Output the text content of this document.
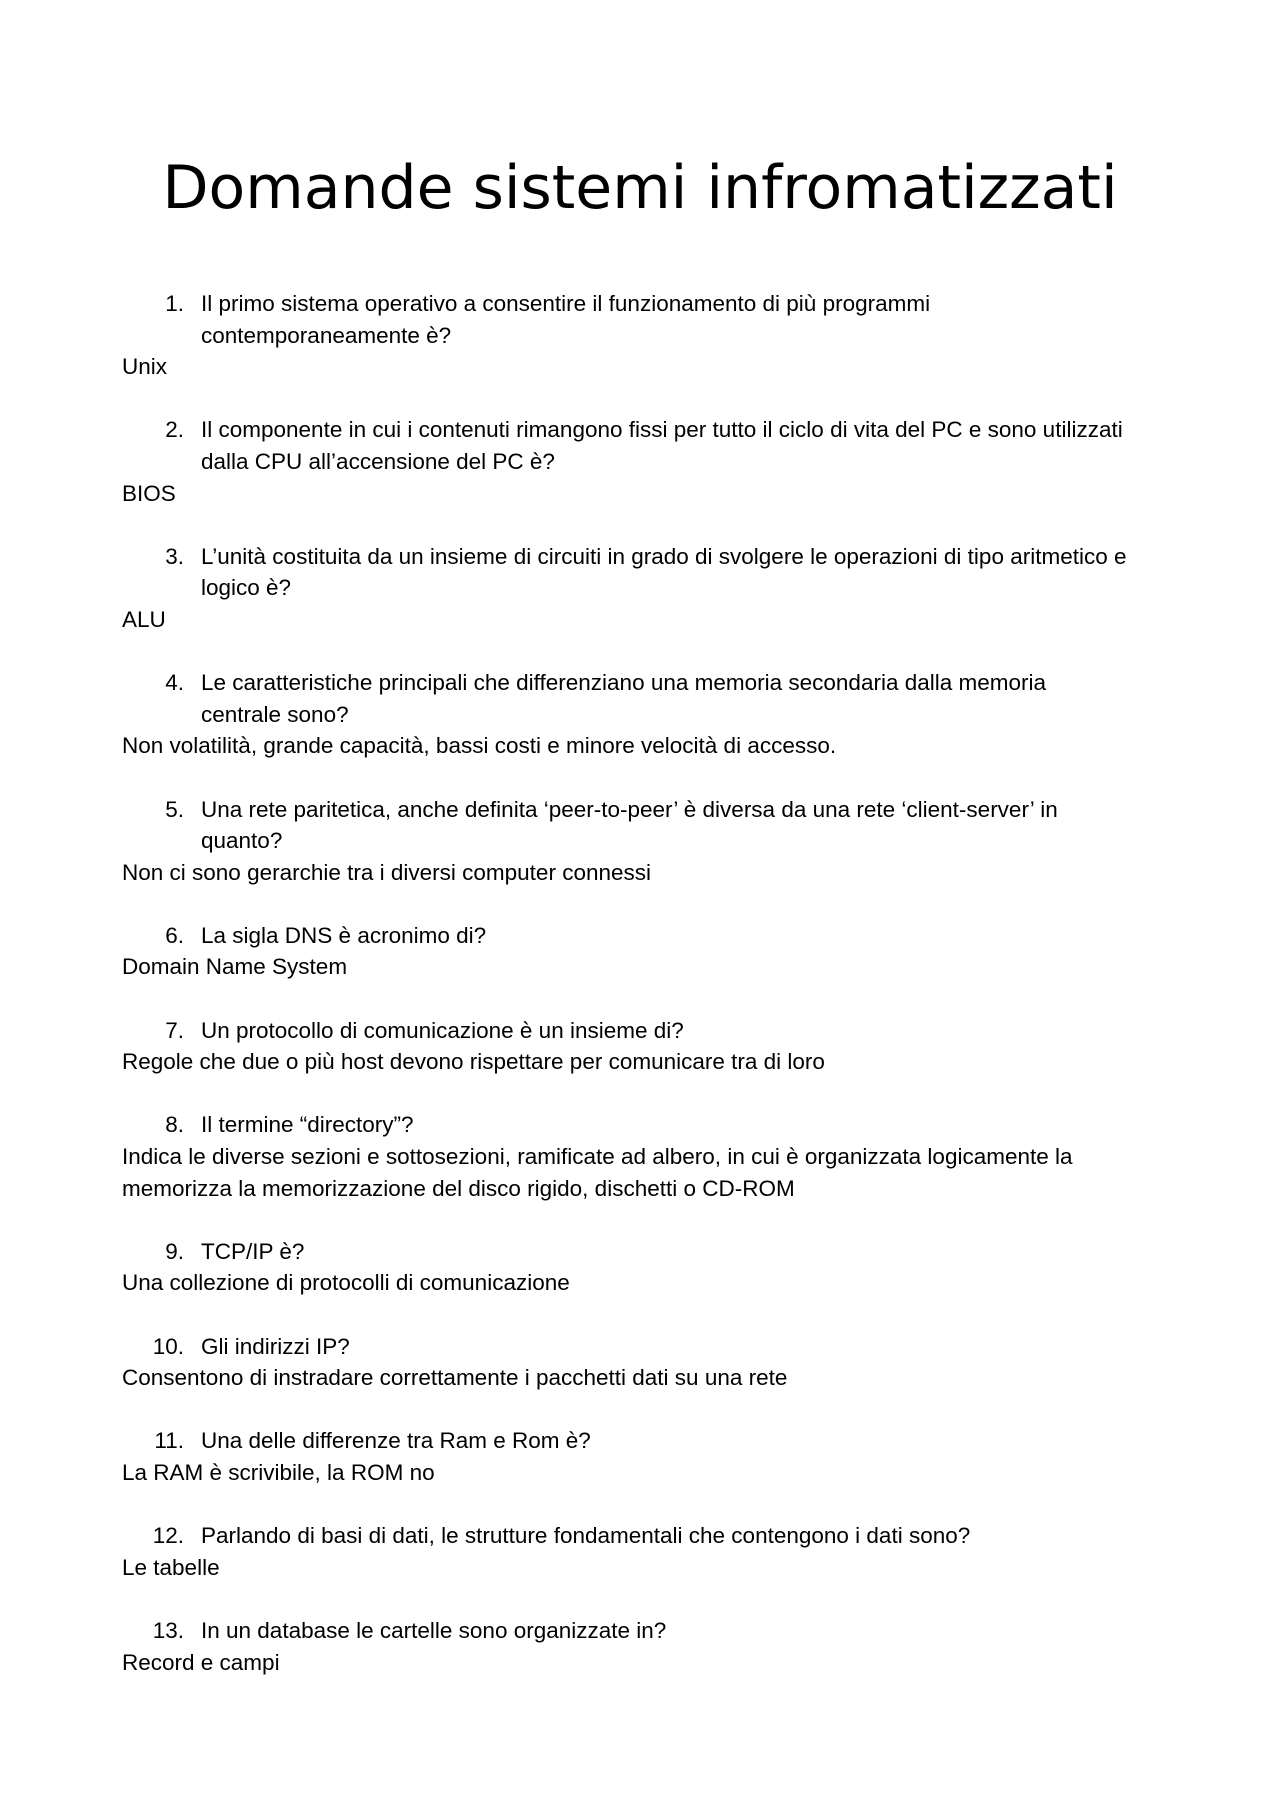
Domande sistemi infromatizzati
1. Il primo sistema operativo a consentire il funzionamento di più programmi contemporaneamente è?

Unix

2. Il componente in cui i contenuti rimangono fissi per tutto il ciclo di vita del PC e sono utilizzati dalla CPU all’accensione del PC è?

BIOS

3. L’unità costituita da un insieme di circuiti in grado di svolgere le operazioni di tipo aritmetico e logico è?

ALU

4. Le caratteristiche principali che differenziano una memoria secondaria dalla memoria centrale sono?

Non volatilità, grande capacità, bassi costi e minore velocità di accesso.

5. Una rete paritetica, anche definita ‘peer-to-peer’ è diversa da una rete ‘client-server’ in quanto?

Non ci sono gerarchie tra i diversi computer connessi

6. La sigla DNS è acronimo di?

Domain Name System

7. Un protocollo di comunicazione è un insieme di?

Regole che due o più host devono rispettare per comunicare tra di loro

8. Il termine “directory”?

Indica le diverse sezioni e sottosezioni, ramificate ad albero, in cui è organizzata logicamente la memorizza la memorizzazione del disco rigido, dischetti o CD-ROM

9. TCP/IP è?

Una collezione di protocolli di comunicazione

10. Gli indirizzi IP?

Consentono di instradare correttamente i pacchetti dati su una rete

11. Una delle differenze tra Ram e Rom è?

La RAM è scrivibile, la ROM no

12. Parlando di basi di dati, le strutture fondamentali che contengono i dati sono?

Le tabelle

13. In un database le cartelle sono organizzate in?

Record e campi
